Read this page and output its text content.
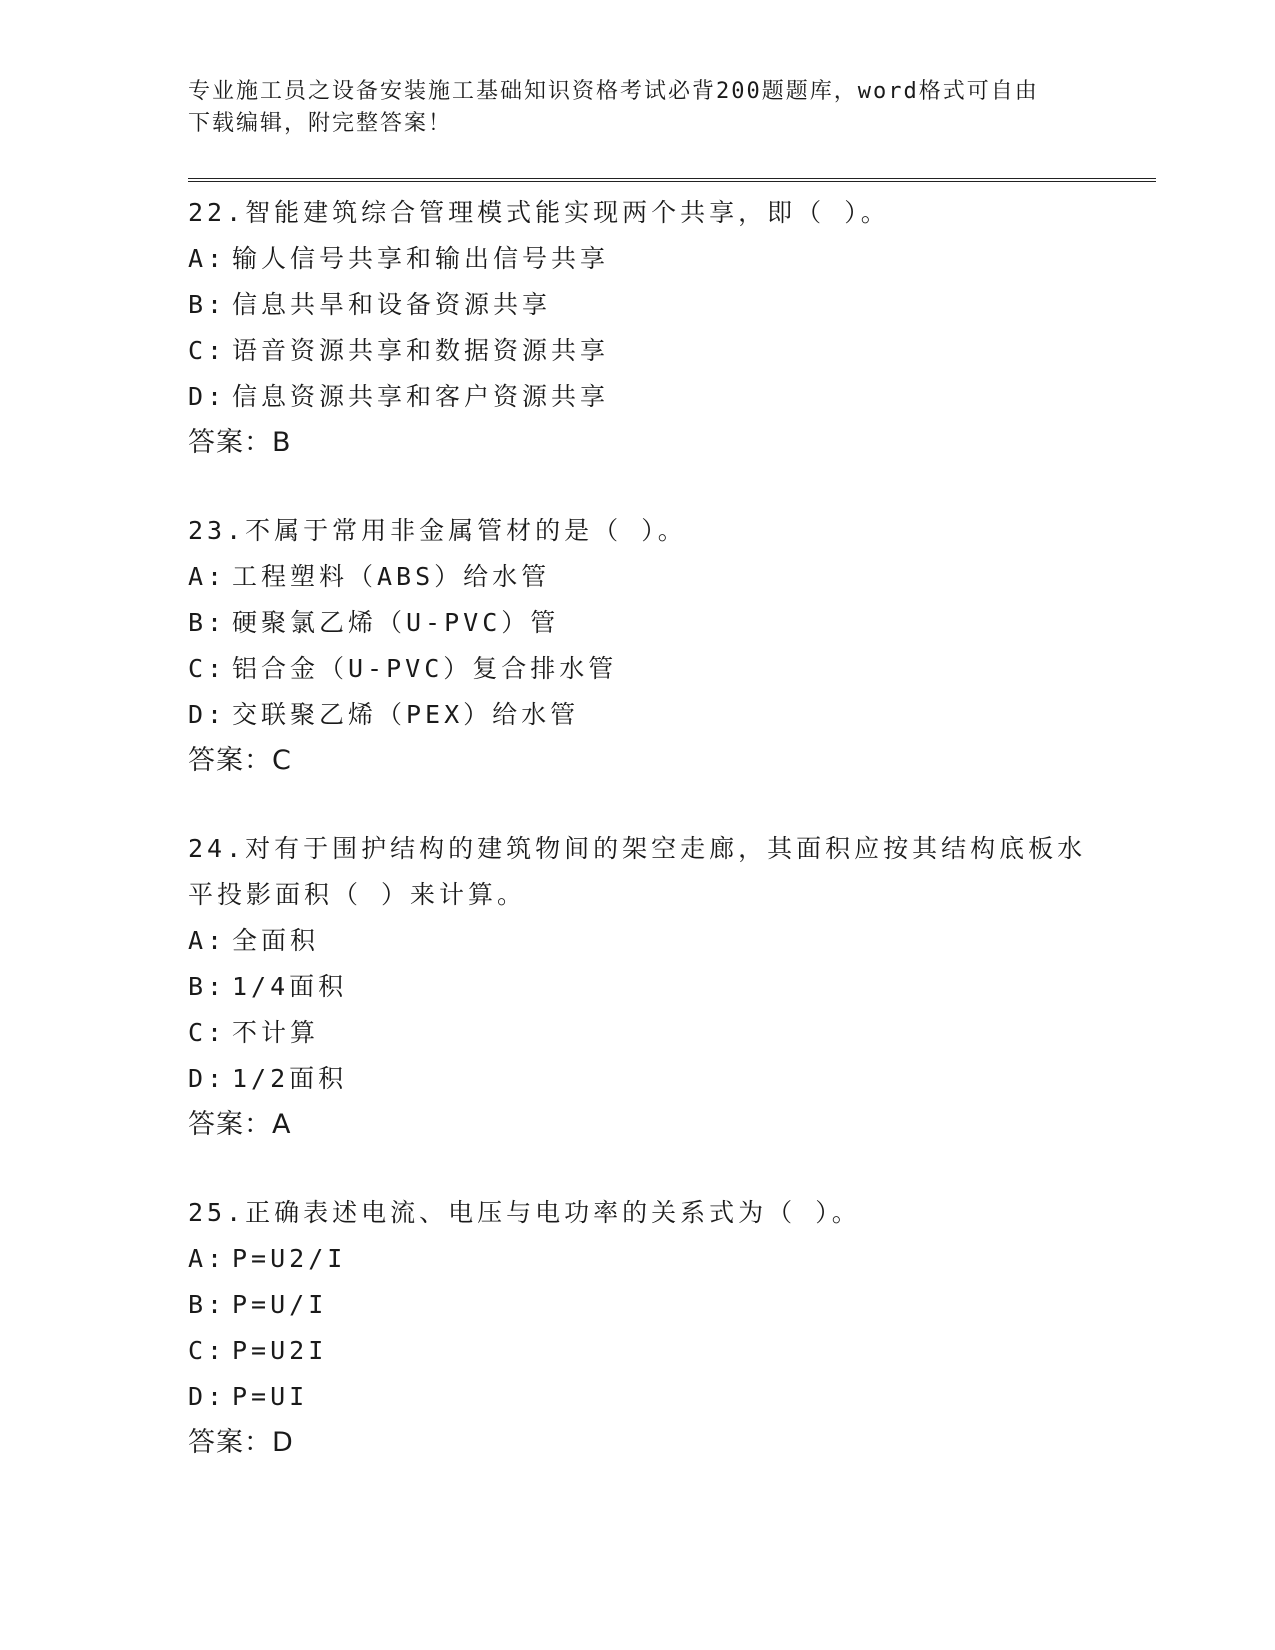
专业施工员之设备安装施工基础知识资格考试必背200题题库，word格式可自由
下载编辑，附完整答案！
22.智能建筑综合管理模式能实现两个共享，即（ ）。
A: 输人信号共享和输出信号共享
B: 信息共旱和设备资源共享
C: 语音资源共享和数据资源共享
D: 信息资源共享和客户资源共享
答案：B
23.不属于常用非金属管材的是（ ）。
A: 工程塑料（ABS）给水管
B: 硬聚氯乙烯（U-PVC）管
C: 铝合金（U-PVC）复合排水管
D: 交联聚乙烯（PEX）给水管
答案：C
24.对有于围护结构的建筑物间的架空走廊，其面积应按其结构底板水平投影面积（ ）来计算。
A: 全面积
B: 1/4面积
C: 不计算
D: 1/2面积
答案：A
25.正确表述电流、电压与电功率的关系式为（ ）。
A: P=U2/I
B: P=U/I
C: P=U2I
D: P=UI
答案：D
